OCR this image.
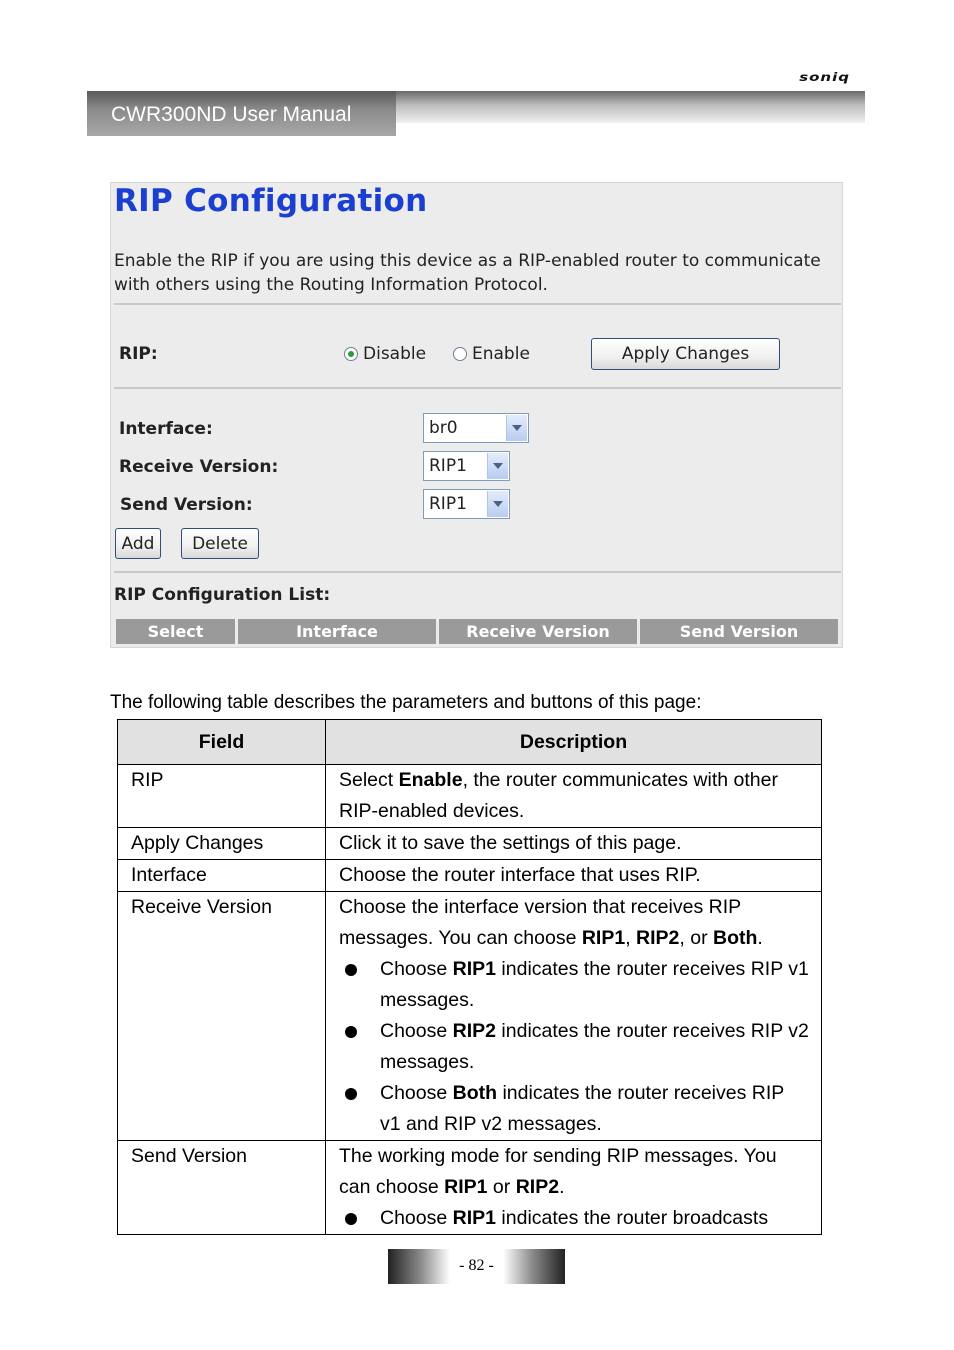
soniq
CWR300ND User Manual
RIP Configuration
Enable the RIP if you are using this device as a RIP-enabled router to communicate with others using the Routing Information Protocol.
RIP:	Disable	Enable	Apply Changes
Interface:	br0
Receive Version:	RIP1
Send Version:	RIP1
Add	Delete
RIP Configuration List:
Select	Interface	Receive Version	Send Version
The following table describes the parameters and buttons of this page:
Field	Description
RIP	Select Enable, the router communicates with other RIP-enabled devices.
Apply Changes	Click it to save the settings of this page.
Interface	Choose the router interface that uses RIP.
Receive Version	Choose the interface version that receives RIP messages. You can choose RIP1, RIP2, or Both.
Choose RIP1 indicates the router receives RIP v1 messages.
Choose RIP2 indicates the router receives RIP v2 messages.
Choose Both indicates the router receives RIP v1 and RIP v2 messages.

Send Version	The working mode for sending RIP messages. You can choose RIP1 or RIP2.
Choose RIP1 indicates the router broadcasts
- 82 -
